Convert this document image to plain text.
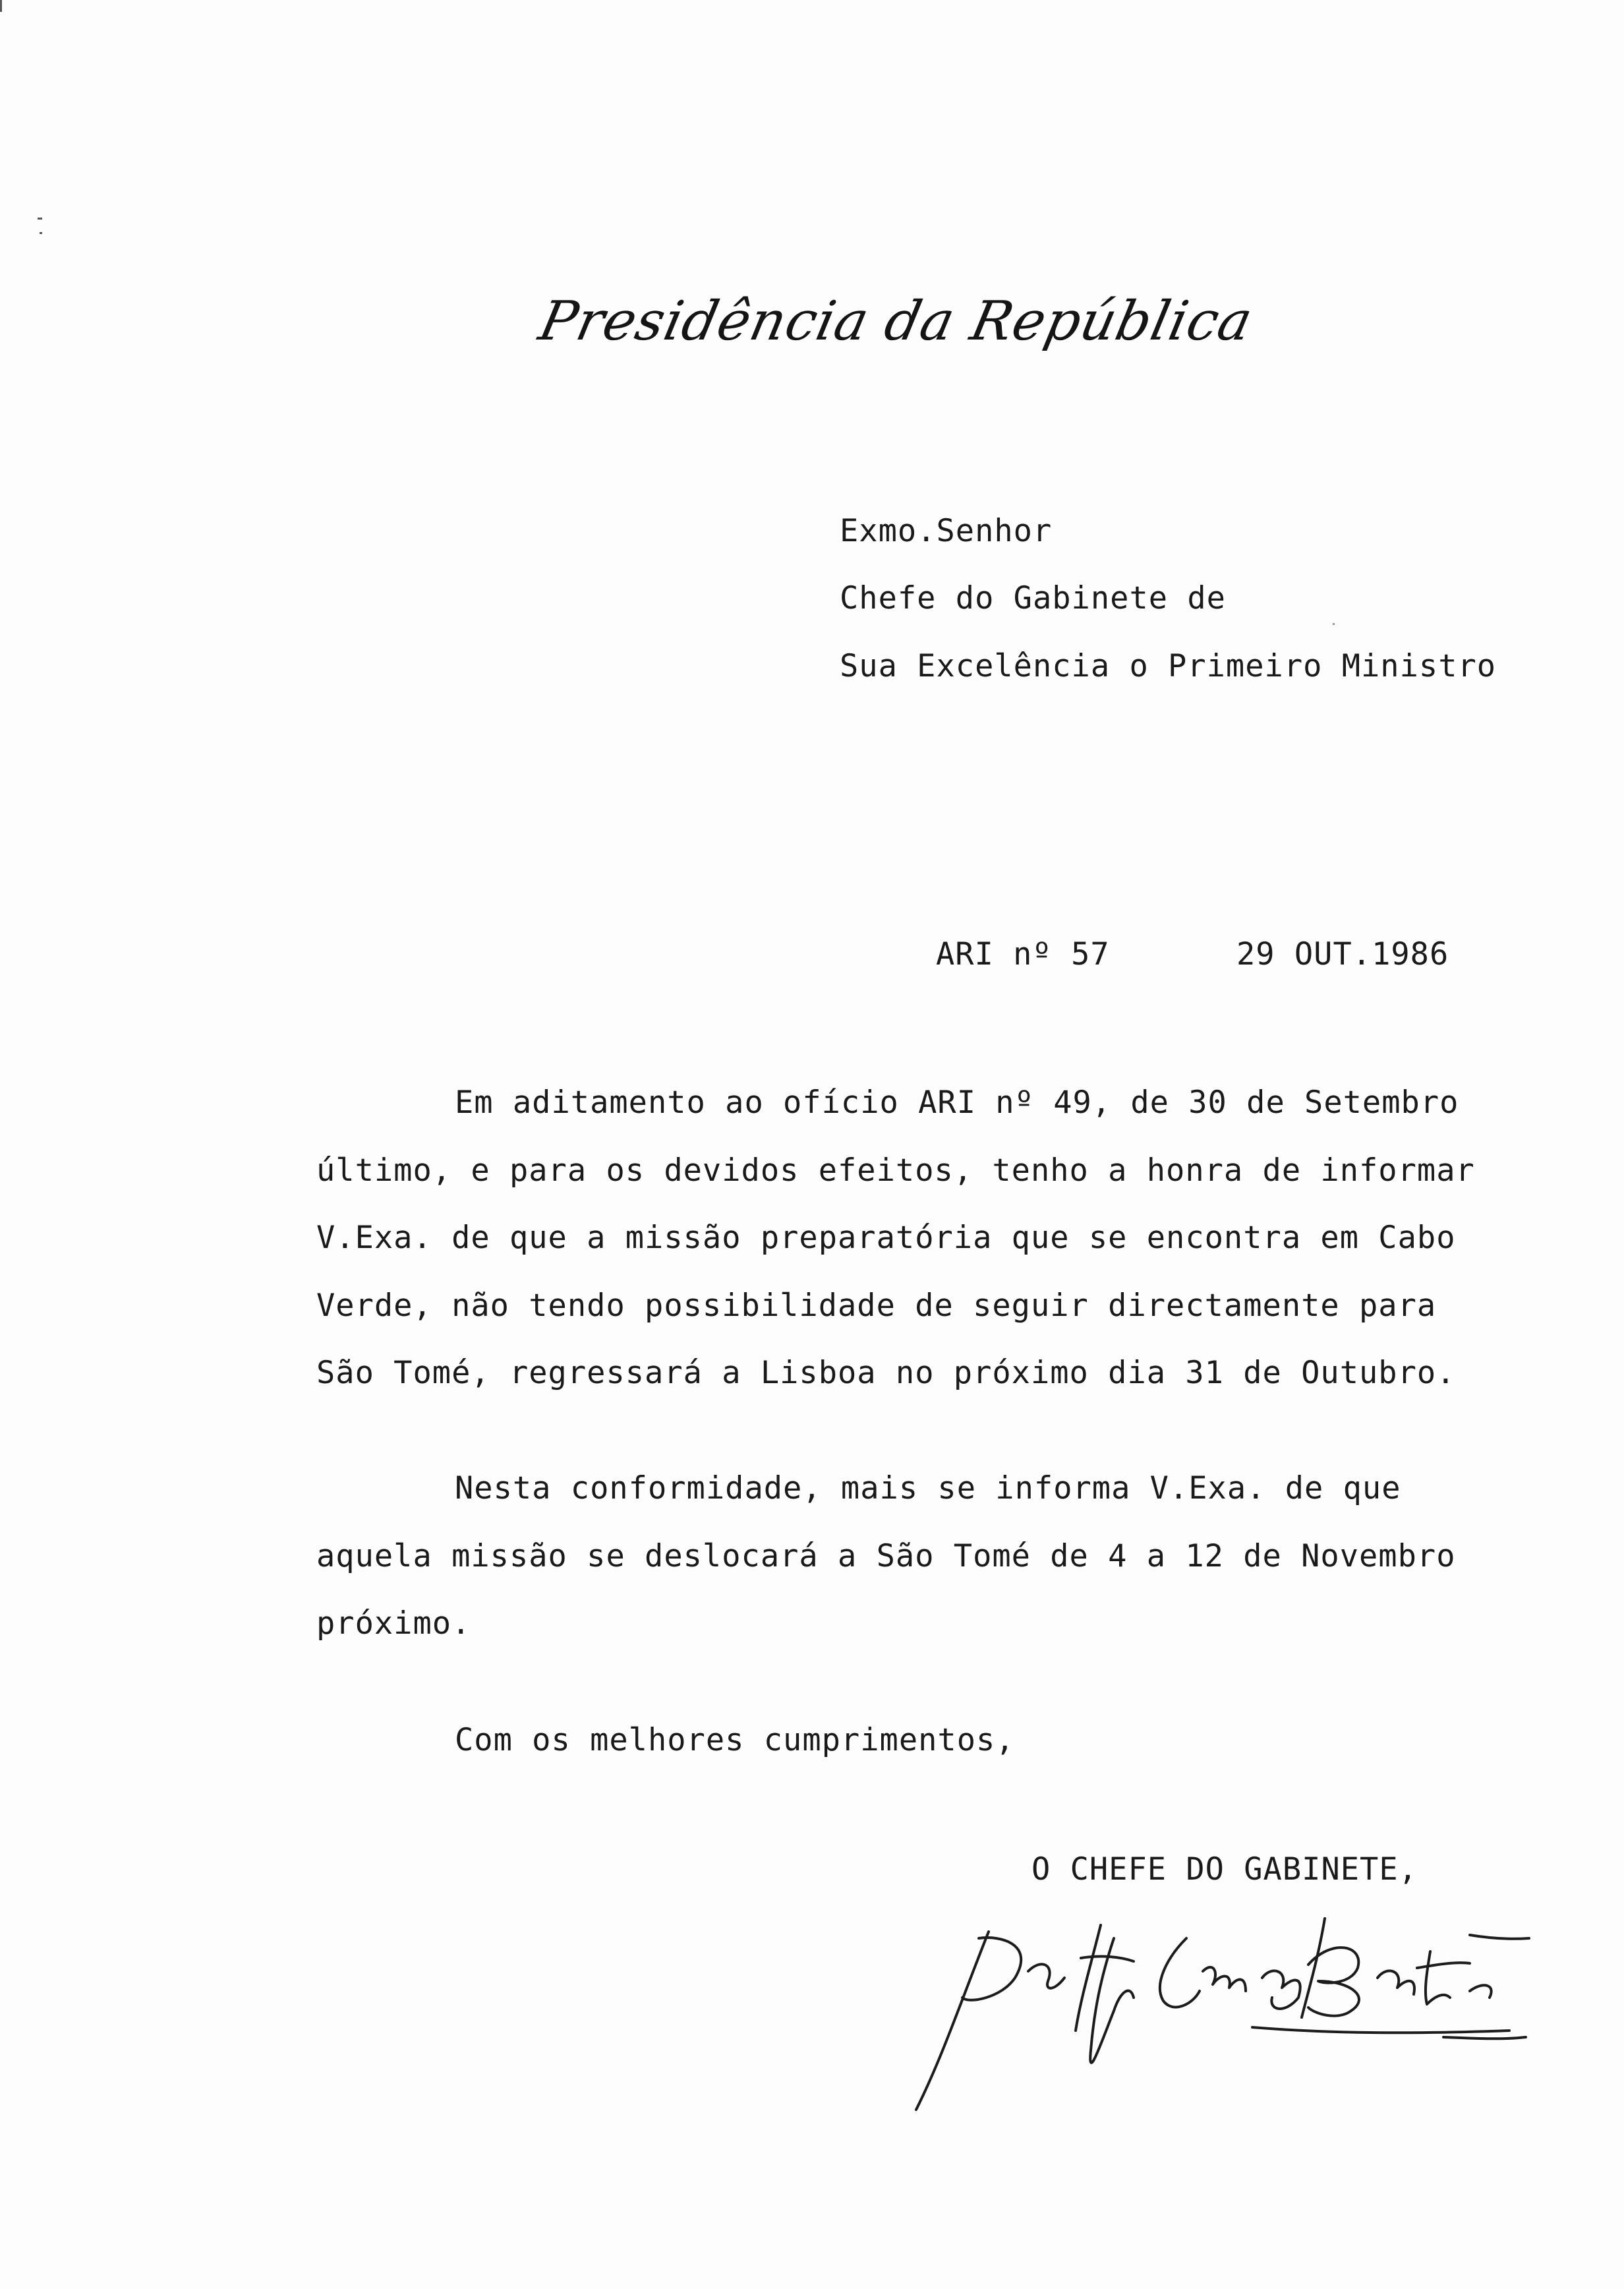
Presidência da República
Exmo.Senhor
Chefe do Gabinete de
Sua Excelência o Primeiro Ministro
ARI nº 57	29 OUT.1986
Em aditamento ao ofício ARI nº 49, de 30 de Setembro
último, e para os devidos efeitos, tenho a honra de informar
V.Exa. de que a missão preparatória que se encontra em Cabo
Verde, não tendo possibilidade de seguir directamente para
São Tomé, regressará a Lisboa no próximo dia 31 de Outubro.
Nesta conformidade, mais se informa V.Exa. de que
aquela missão se deslocará a São Tomé de 4 a 12 de Novembro
próximo.
Com os melhores cumprimentos,
O CHEFE DO GABINETE,
